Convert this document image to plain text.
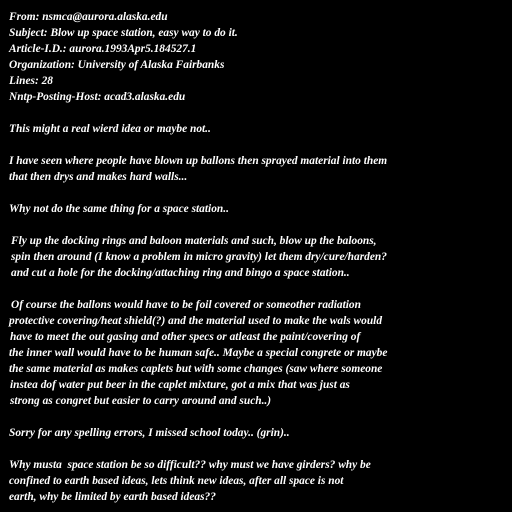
From: nsmca@aurora.alaska.edu

Subject: Blow up space station, easy way to do it.

Article-I.D.: aurora.1993Apr5.184527.1

Organization: University of Alaska Fairbanks

Lines: 28

Nntp-Posting-Host: acad3.alaska.edu

This might a real wierd idea or maybe not..

I have seen where people have blown up ballons then sprayed material into them

that then drys and makes hard walls...

Why not do the same thing for a space station..

Fly up the docking rings and baloon materials and such, blow up the baloons,

spin then around (I know a problem in micro gravity) let them dry/cure/harden?

and cut a hole for the docking/attaching ring and bingo a space station..

Of course the ballons would have to be foil covered or someother radiation

protective covering/heat shield(?) and the material used to make the wals would

have to meet the out gasing and other specs or atleast the paint/covering of

the inner wall would have to be human safe.. Maybe a special congrete or maybe

the same material as makes caplets but with some changes (saw where someone

instea dof water put beer in the caplet mixture, got a mix that was just as

strong as congret but easier to carry around and such..)

Sorry for any spelling errors, I missed school today.. (grin)..

Why musta  space station be so difficult?? why must we have girders? why be

confined to earth based ideas, lets think new ideas, after all space is not

earth, why be limited by earth based ideas??
